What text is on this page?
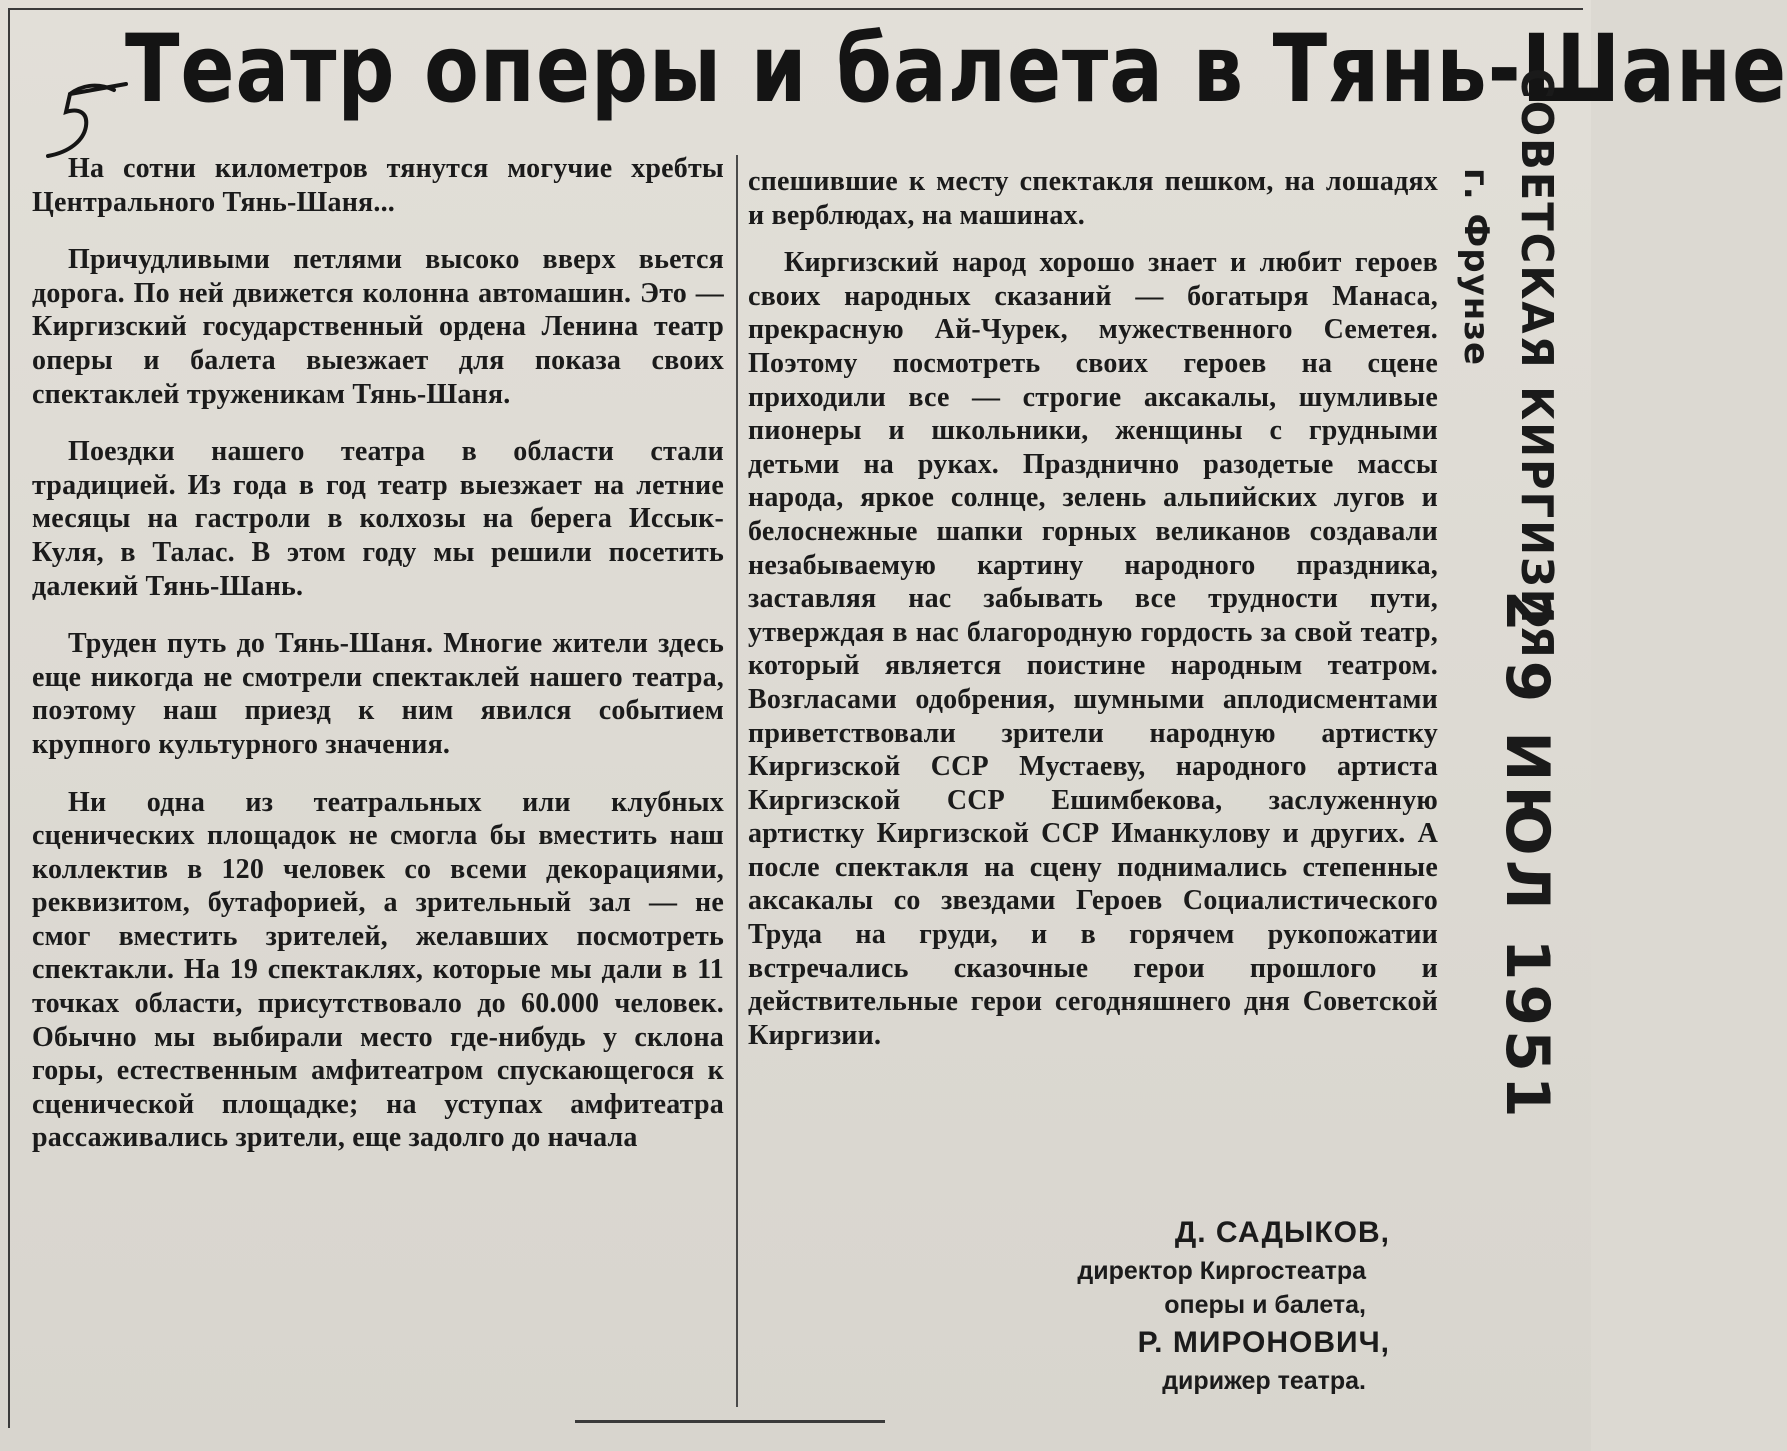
Театр оперы и балета в Тянь-Шане

На сотни километров тянутся могучие хребты Центрального Тянь-Шаня...

Причудливыми петлями высоко вверх вьется дорога. По ней движется колонна автомашин. Это — Киргизский государственный ордена Ленина театр оперы и балета выезжает для показа своих спектаклей труженикам Тянь-Шаня.

Поездки нашего театра в области стали традицией. Из года в год театр выезжает на летние месяцы на гастроли в колхозы на берега Иссык-Куля, в Талас. В этом году мы решили посетить далекий Тянь-Шань.

Труден путь до Тянь-Шаня. Многие жители здесь еще никогда не смотрели спектаклей нашего театра, поэтому наш приезд к ним явился событием крупного культурного значения.

Ни одна из театральных или клубных сценических площадок не смогла бы вместить наш коллектив в 120 человек со всеми декорациями, реквизитом, бутафорией, а зрительный зал — не смог вместить зрителей, желавших посмотреть спектакли. На 19 спектаклях, которые мы дали в 11 точках области, присутствовало до 60.000 человек. Обычно мы выбирали место где-нибудь у склона горы, естественным амфитеатром спускающегося к сценической площадке; на уступах амфитеатра рассаживались зрители, еще задолго до начала

спешившие к месту спектакля пешком, на лошадях и верблюдах, на машинах.

Киргизский народ хорошо знает и любит героев своих народных сказаний — богатыря Манаса, прекрасную Ай-Чурек, мужественного Семетея. Поэтому посмотреть своих героев на сцене приходили все — строгие аксакалы, шумливые пионеры и школьники, женщины с грудными детьми на руках. Празднично разодетые массы народа, яркое солнце, зелень альпийских лугов и белоснежные шапки горных великанов создавали незабываемую картину народного праздника, заставляя нас забывать все трудности пути, утверждая в нас благородную гордость за свой театр, который является поистине народным театром. Возгласами одобрения, шумными аплодисментами приветствовали зрители народную артистку Киргизской ССР Мустаеву, народного артиста Киргизской ССР Ешимбекова, заслуженную артистку Киргизской ССР Иманкулову и других. А после спектакля на сцену поднимались степенные аксакалы со звездами Героев Социалистического Труда на груди, и в горячем рукопожатии встречались сказочные герои прошлого и действительные герои сегодняшнего дня Советской Киргизии.

Д. САДЫКОВ,
директор Киргостеатра
оперы и балета,
Р. МИРОНОВИЧ,
дирижер театра.
СОВЕТСКАЯ КИРГИЗИЯ
г. Фрунзе
2 9 ИЮЛ 1951
